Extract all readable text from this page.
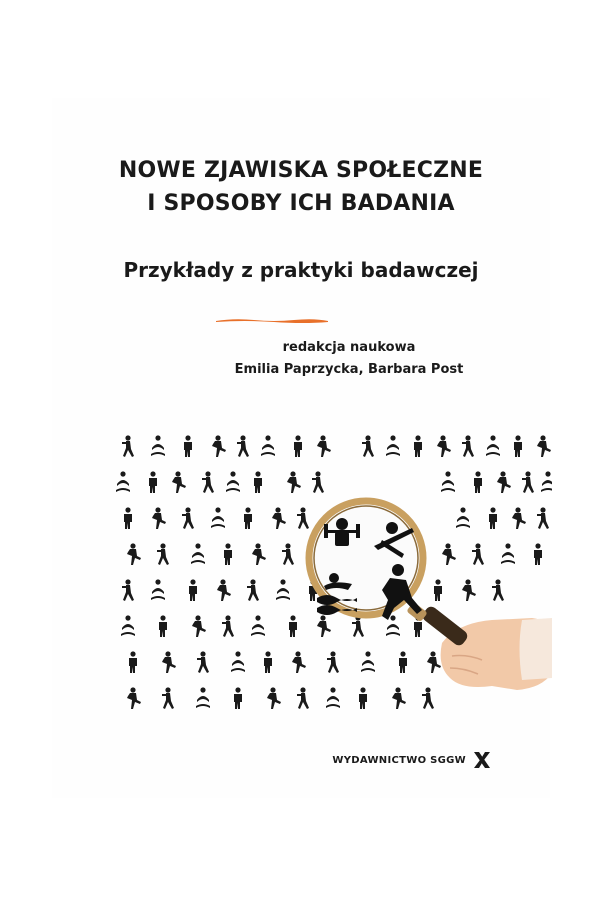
NOWE ZJAWISKA SPOŁECZNE
I SPOSOBY ICH BADANIA
Przykłady z praktyki badawczej
redakcja naukowa
Emilia Paprzycka, Barbara Post
WYDAWNICTWO SGGW
